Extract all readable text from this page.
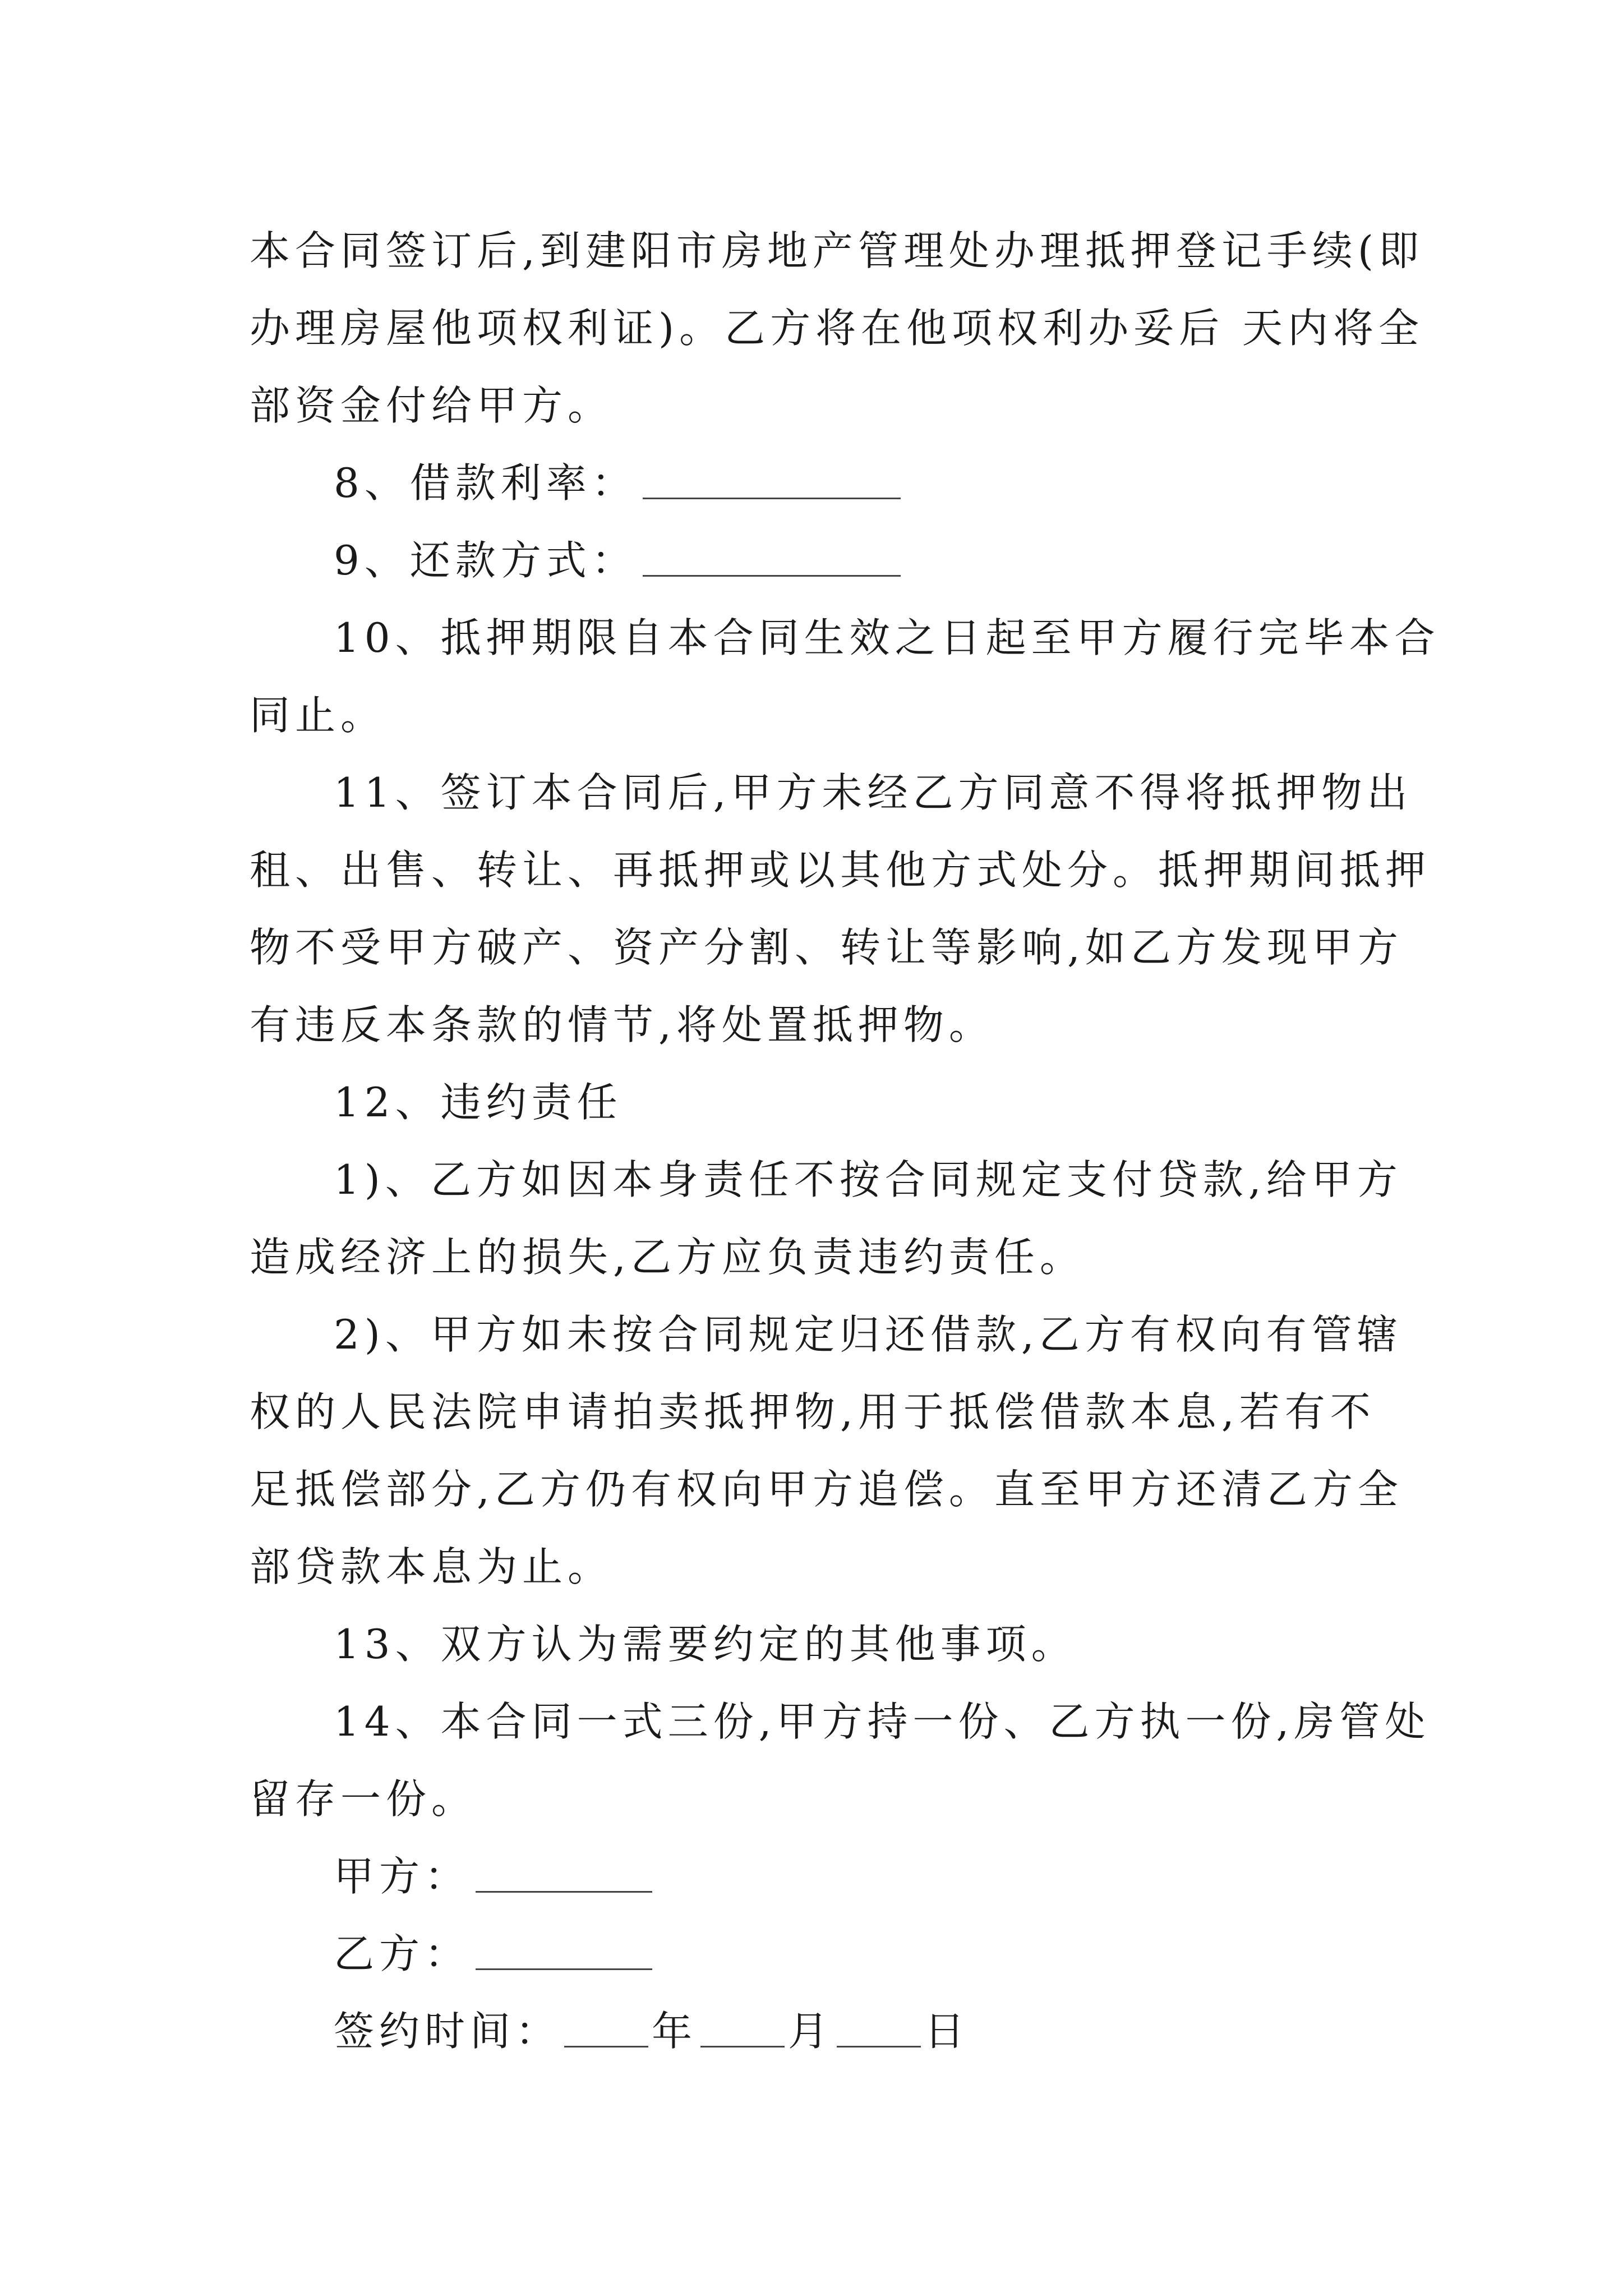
本合同签订后,到建阳市房地产管理处办理抵押登记手续(即

办理房屋他项权利证)。乙方将在他项权利办妥后 天内将全

部资金付给甲方。

8、借款利率：

9、还款方式：

10、抵押期限自本合同生效之日起至甲方履行完毕本合

同止。

11、签订本合同后,甲方未经乙方同意不得将抵押物出

租、出售、转让、再抵押或以其他方式处分。抵押期间抵押

物不受甲方破产、资产分割、转让等影响,如乙方发现甲方

有违反本条款的情节,将处置抵押物。

12、违约责任

1)、乙方如因本身责任不按合同规定支付贷款,给甲方

造成经济上的损失,乙方应负责违约责任。

2)、甲方如未按合同规定归还借款,乙方有权向有管辖

权的人民法院申请拍卖抵押物,用于抵偿借款本息,若有不

足抵偿部分,乙方仍有权向甲方追偿。直至甲方还清乙方全

部贷款本息为止。

13、双方认为需要约定的其他事项。

14、本合同一式三份,甲方持一份、乙方执一份,房管处

留存一份。

甲方：

乙方：

签约时间： 年 月 日
